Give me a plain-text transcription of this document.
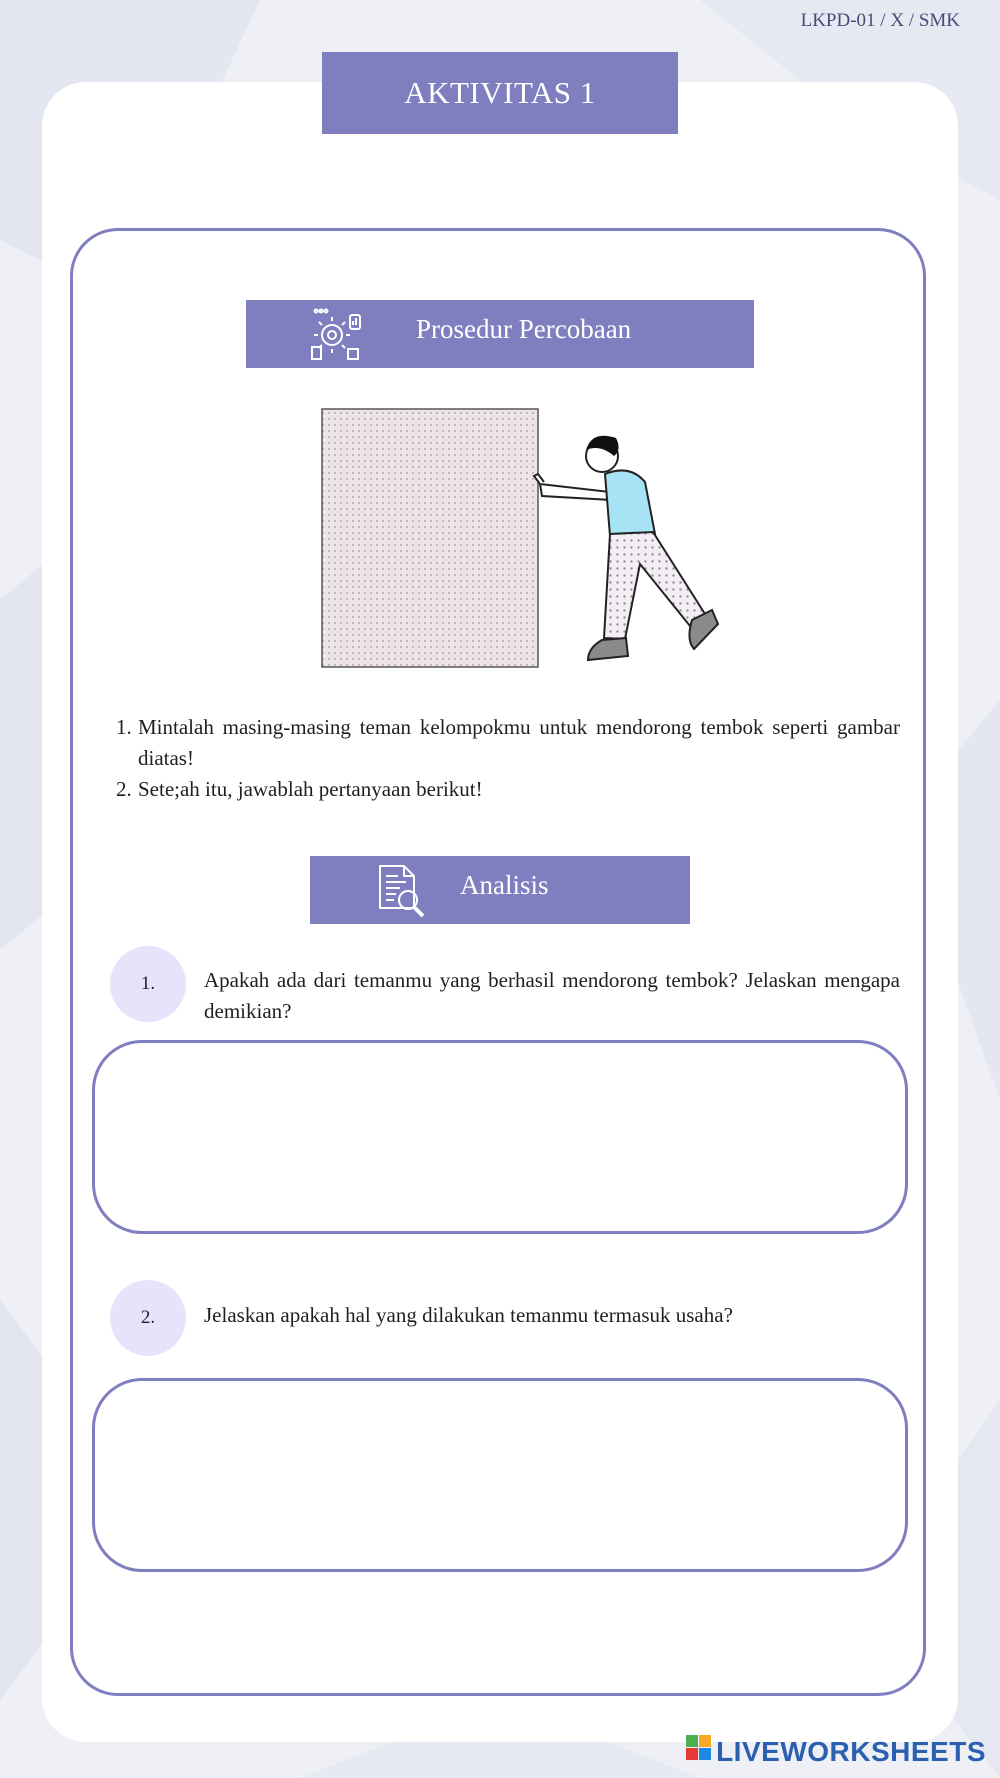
LKPD-01 / X / SMK
AKTIVITAS 1
Prosedur Percobaan
1. Mintalah masing-masing teman kelompokmu untuk mendorong tembok seperti gambar diatas!
2. Sete;ah itu, jawablah pertanyaan berikut!
Analisis
1.	Apakah ada dari temanmu yang berhasil mendorong tembok? Jelaskan mengapa demikian?
2.	Jelaskan apakah hal yang dilakukan temanmu termasuk usaha?
LIVEWORKSHEETS
